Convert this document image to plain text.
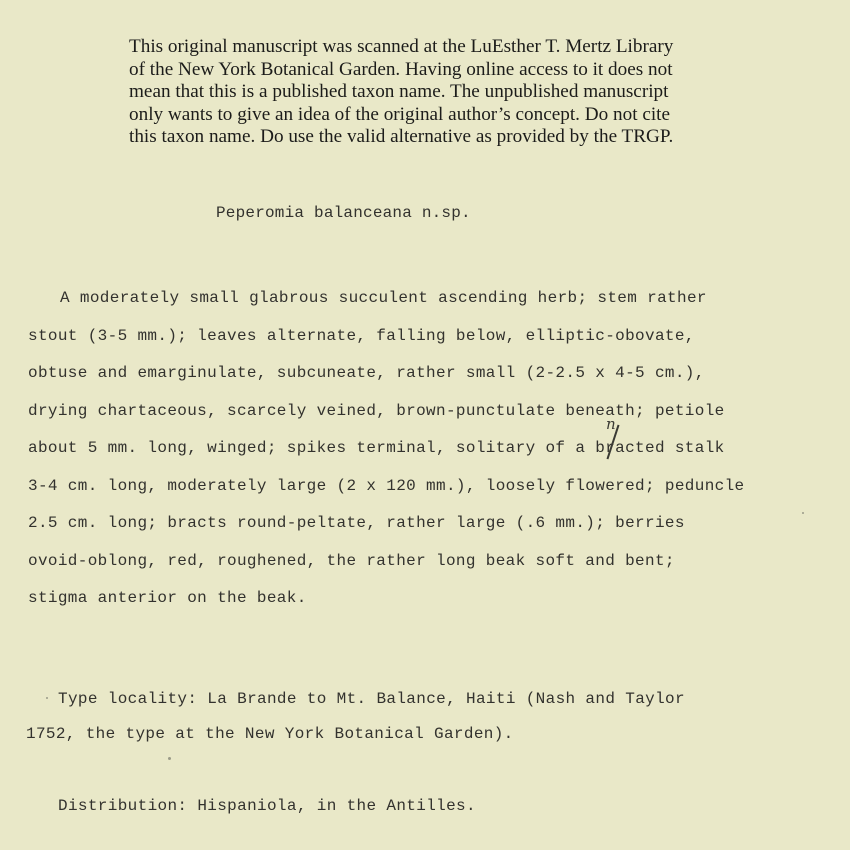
This original manuscript was scanned at the LuEsther T. Mertz Library
of the New York Botanical Garden. Having online access to it does not
mean that this is a published taxon name. The unpublished manuscript
only wants to give an idea of the original author’s concept. Do not cite
this taxon name. Do use the valid alternative as provided by the TRGP.
Peperomia balanceana n.sp.
A moderately small glabrous succulent ascending herb; stem rather
stout (3-5 mm.); leaves alternate, falling below, elliptic-obovate,
obtuse and emarginulate, subcuneate, rather small (2-2.5 x 4-5 cm.),
drying chartaceous, scarcely veined, brown-punctulate beneath; petiole
about 5 mm. long, winged; spikes terminal, solitary of a bracted stalk
3-4 cm. long, moderately large (2 x 120 mm.), loosely flowered; peduncle
2.5 cm. long; bracts round-peltate, rather large (.6 mm.); berries
ovoid-oblong, red, roughened, the rather long beak soft and bent;
stigma anterior on the beak.
n
Type locality: La Brande to Mt. Balance, Haiti (Nash and Taylor
1752, the type at the New York Botanical Garden).
Distribution: Hispaniola, in the Antilles.
